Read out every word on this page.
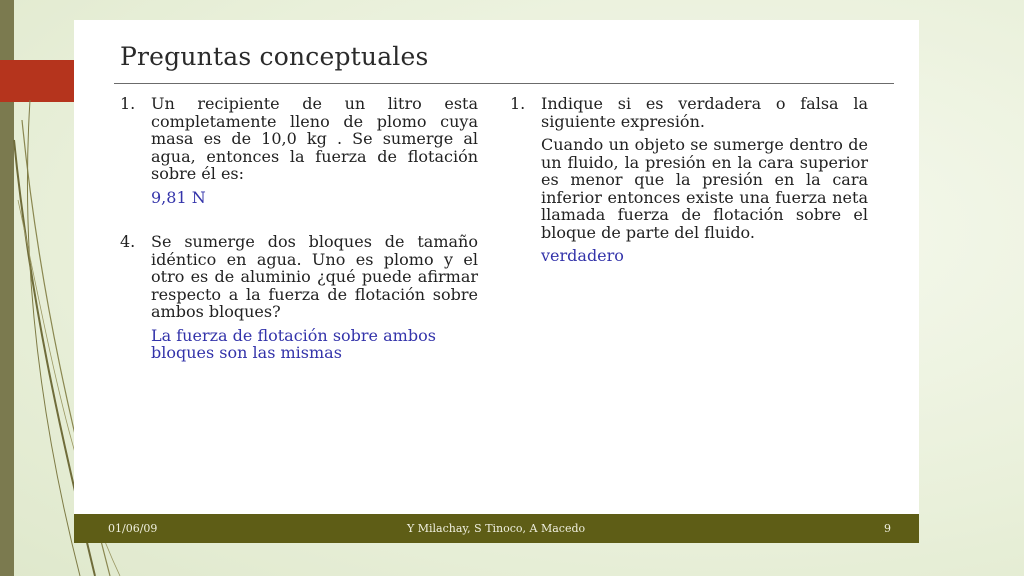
Preguntas conceptuales
1. Un recipiente de un litro esta completamente lleno de plomo cuya masa es de 10,0 kg . Se sumerge al agua, entonces la fuerza de flotación sobre él es:
9,81 N
4. Se sumerge dos bloques de tamaño idéntico en agua. Uno es plomo y el otro es de aluminio ¿qué puede afirmar respecto a la fuerza de flotación sobre ambos bloques?
La fuerza de flotación sobre ambos bloques son las mismas
1. Indique si es verdadera o falsa la siguiente expresión.
Cuando un objeto se sumerge dentro de un fluido, la presión en la cara superior es menor que la presión en la cara inferior entonces existe una fuerza neta llamada fuerza de flotación sobre el bloque de parte del fluido.
verdadero
01/06/09	Y Milachay, S Tinoco, A Macedo	9
